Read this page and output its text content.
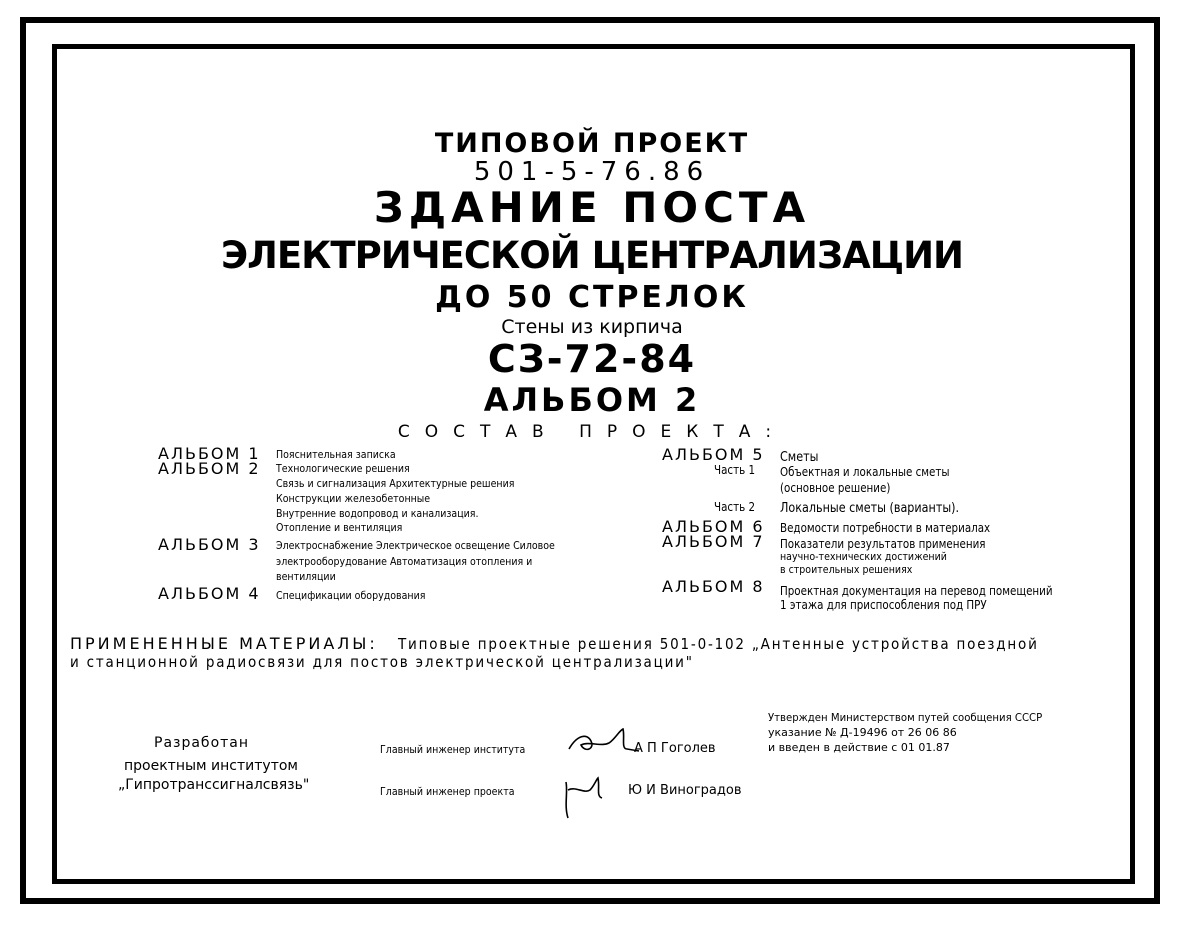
ТИПОВОЙ ПРОЕКТ
501-5-76.86
ЗДАНИЕ ПОСТА
ЭЛЕКТРИЧЕСКОЙ ЦЕНТРАЛИЗАЦИИ
ДО 50 СТРЕЛОК
Стены из кирпича
СЗ-72-84
АЛЬБОМ 2
СОСТАВ ПРОЕКТА:
АЛЬБОМ 1 Пояснительная записка
АЛЬБОМ 2 Технологические решения
Связь и сигнализация Архитектурные решения
Конструкции железобетонные
Внутренние водопровод и канализация.
Отопление и вентиляция
АЛЬБОМ 3 Электроснабжение Электрическое освещение Силовое
электрооборудование Автоматизация отопления и
вентиляции
АЛЬБОМ 4 Спецификации оборудования
АЛЬБОМ 5 Сметы
Часть 1 Объектная и локальные сметы
(основное решение)
Часть 2 Локальные сметы (варианты).
АЛЬБОМ 6 Ведомости потребности в материалах
АЛЬБОМ 7 Показатели результатов применения
научно-технических достижений
в строительных решениях
АЛЬБОМ 8 Проектная документация на перевод помещений
1 этажа для приспособления под ПРУ
ПРИМЕНЕННЫЕ МАТЕРИАЛЫ: Типовые проектные решения 501-0-102 „Антенные устройства поездной
и станционной радиосвязи для постов электрической централизации"
Утвержден Министерством путей сообщения СССР
указание № Д-19496 от 26 06 86
и введен в действие с 01 01.87
Разработан
проектным институтом
„Гипротранссигналсвязь"
Главный инженер института	А П Гоголев
Главный инженер проекта	Ю И Виноградов
